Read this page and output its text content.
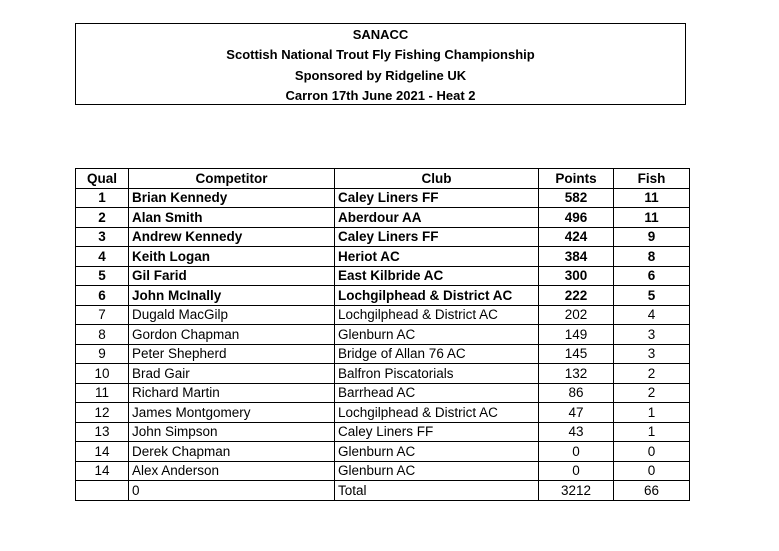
SANACC
Scottish National Trout Fly Fishing Championship
Sponsored by Ridgeline UK
Carron 17th June 2021 - Heat 2
Qual	Competitor	Club	Points	Fish
1	Brian Kennedy	Caley Liners FF	582	11
2	Alan Smith	Aberdour AA	496	11
3	Andrew Kennedy	Caley Liners FF	424	9
4	Keith Logan	Heriot AC	384	8
5	Gil Farid	East Kilbride AC	300	6
6	John McInally	Lochgilphead & District AC	222	5
7	Dugald MacGilp	Lochgilphead & District AC	202	4
8	Gordon Chapman	Glenburn AC	149	3
9	Peter Shepherd	Bridge of Allan 76 AC	145	3
10	Brad Gair	Balfron Piscatorials	132	2
11	Richard Martin	Barrhead AC	86	2
12	James Montgomery	Lochgilphead & District AC	47	1
13	John Simpson	Caley Liners FF	43	1
14	Derek Chapman	Glenburn AC	0	0
14	Alex Anderson	Glenburn AC	0	0
	0	Total	3212	66
